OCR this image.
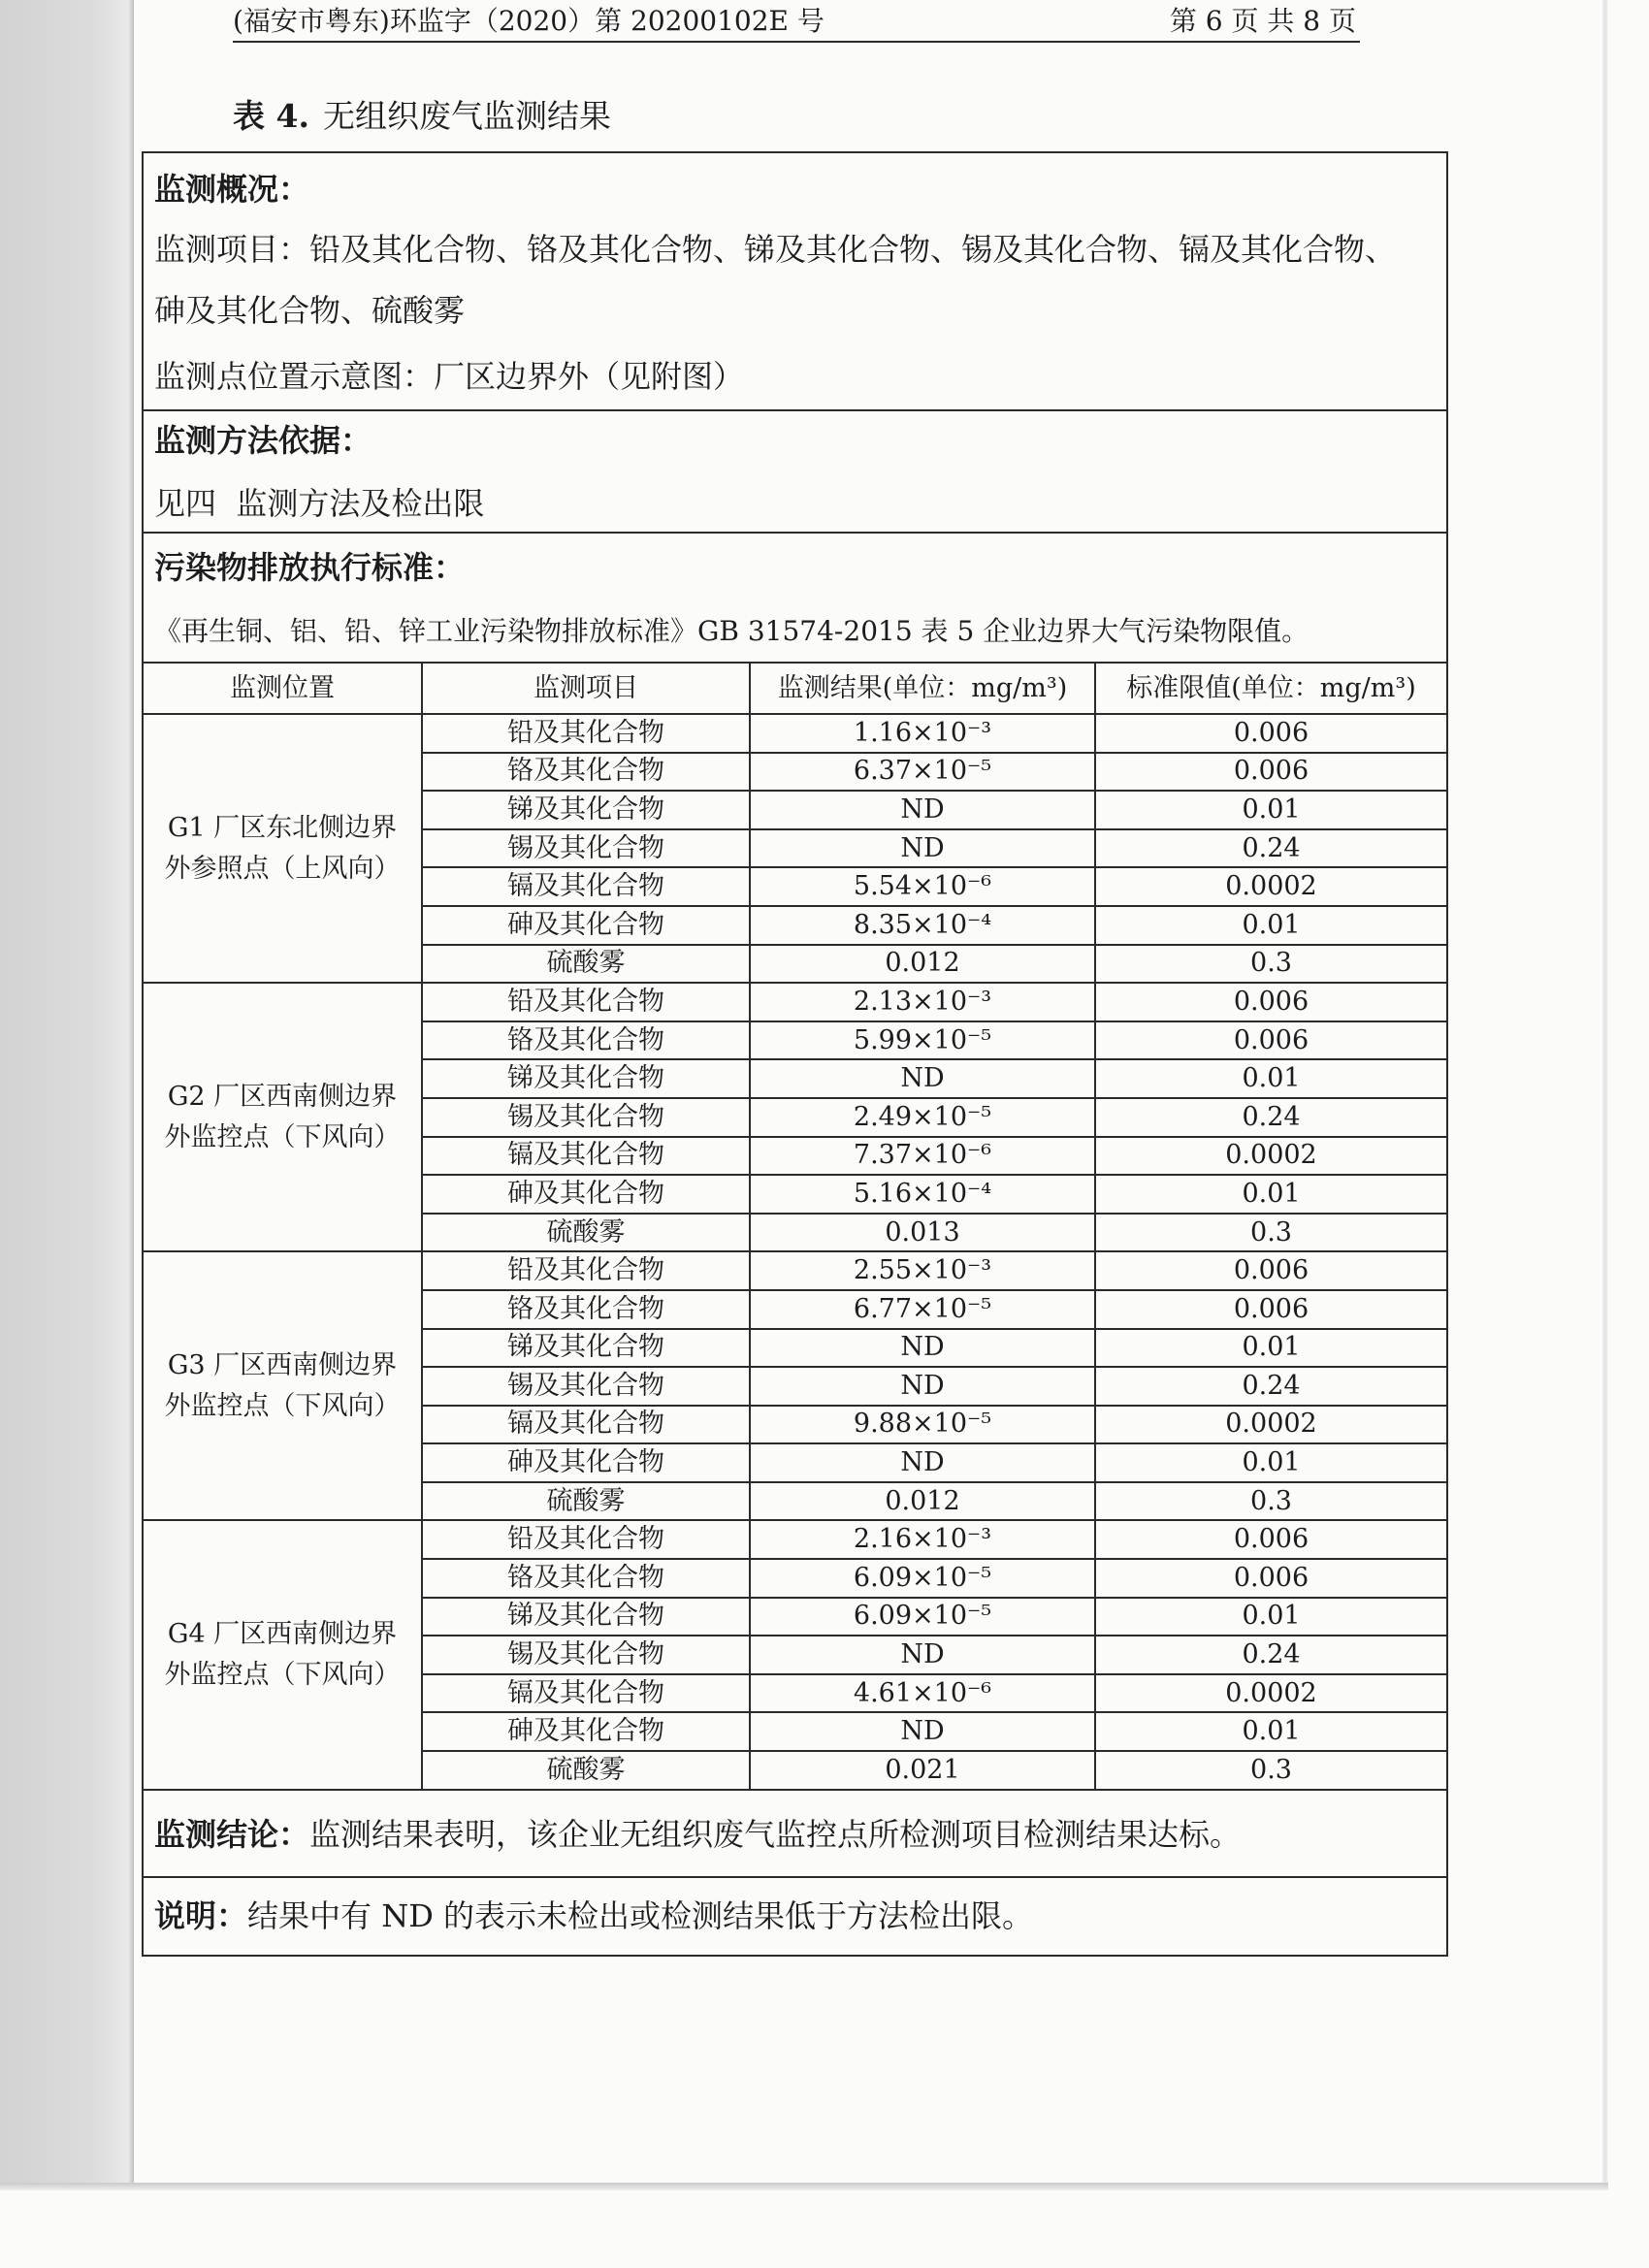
(福安市粤东)环监字（2020）第 20200102E 号	第 6 页 共 8 页
表 4. 无组织废气监测结果
监测概况：
监测项目：铅及其化合物、铬及其化合物、锑及其化合物、锡及其化合物、镉及其化合物、
砷及其化合物、硫酸雾
监测点位置示意图：厂区边界外（见附图）
监测方法依据：
见四  监测方法及检出限
污染物排放执行标准：
《再生铜、铝、铅、锌工业污染物排放标准》GB 31574-2015 表 5 企业边界大气污染物限值。
监测位置	监测项目	监测结果(单位：mg/m³)	标准限值(单位：mg/m³)

G1 厂区东北侧边界
外参照点（上风向）	铅及其化合物	1.16×10⁻³	0.006
	铬及其化合物	6.37×10⁻⁵	0.006
	锑及其化合物	ND	0.01
	锡及其化合物	ND	0.24
	镉及其化合物	5.54×10⁻⁶	0.0002
	砷及其化合物	8.35×10⁻⁴	0.01
	硫酸雾	0.012	0.3

G2 厂区西南侧边界
外监控点（下风向）	铅及其化合物	2.13×10⁻³	0.006
	铬及其化合物	5.99×10⁻⁵	0.006
	锑及其化合物	ND	0.01
	锡及其化合物	2.49×10⁻⁵	0.24
	镉及其化合物	7.37×10⁻⁶	0.0002
	砷及其化合物	5.16×10⁻⁴	0.01
	硫酸雾	0.013	0.3

G3 厂区西南侧边界
外监控点（下风向）	铅及其化合物	2.55×10⁻³	0.006
	铬及其化合物	6.77×10⁻⁵	0.006
	锑及其化合物	ND	0.01
	锡及其化合物	ND	0.24
	镉及其化合物	9.88×10⁻⁵	0.0002
	砷及其化合物	ND	0.01
	硫酸雾	0.012	0.3

G4 厂区西南侧边界
外监控点（下风向）	铅及其化合物	2.16×10⁻³	0.006
	铬及其化合物	6.09×10⁻⁵	0.006
	锑及其化合物	6.09×10⁻⁵	0.01
	锡及其化合物	ND	0.24
	镉及其化合物	4.61×10⁻⁶	0.0002
	砷及其化合物	ND	0.01
	硫酸雾	0.021	0.3
监测结论：监测结果表明，该企业无组织废气监控点所检测项目检测结果达标。
说明：结果中有 ND 的表示未检出或检测结果低于方法检出限。
